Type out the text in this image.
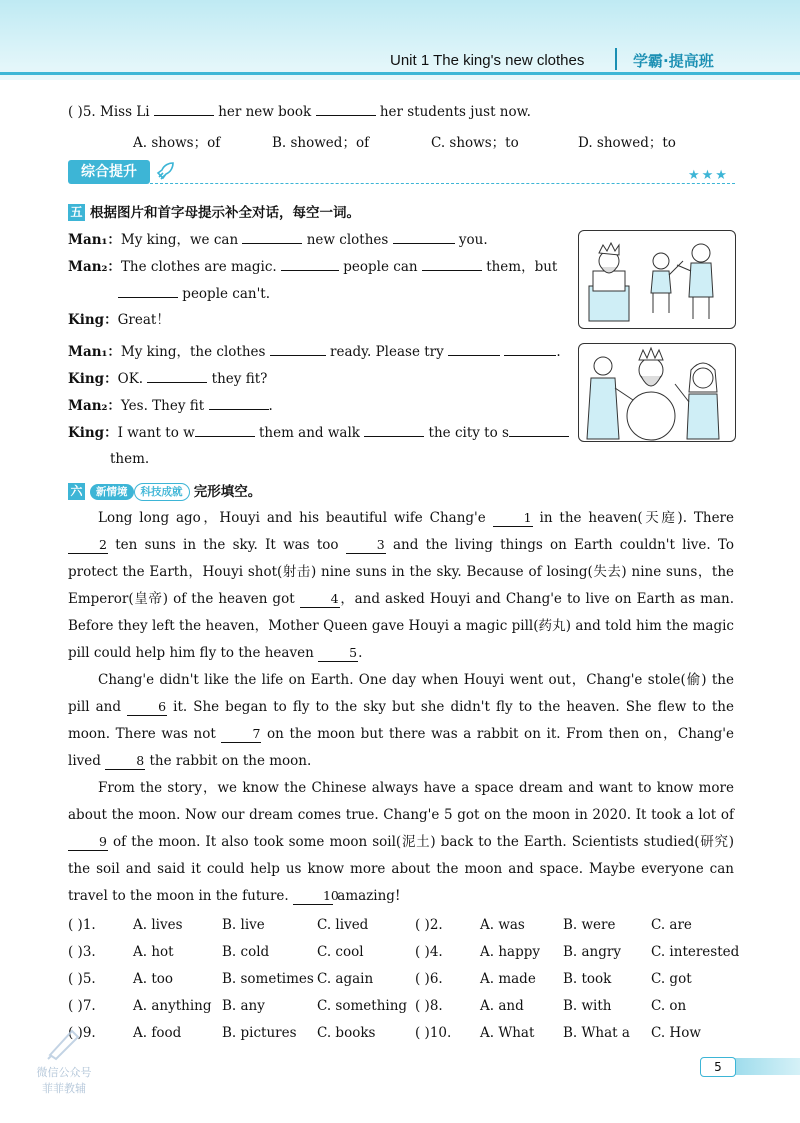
Unit 1 The king's new clothes	学霸·提高班
( )5. Miss Li	her new book	her students just now.
A. shows；of	B. showed；of	C. shows；to	D. showed；to
综合提升	★★★
五 根据图片和首字母提示补全对话，每空一词。
Man₁：My king，we can	new clothes	you.
Man₂：The clothes are magic.	people can	them，but
people can't.
King：Great！
Man₁：My king，the clothes	ready. Please try	.
King：OK.	they fit?
Man₂：Yes. They fit	.
King：I want to w	them and walk	the city to s
them.
六 新情境 科技成就 完形填空。
Long long ago，Houyi and his beautiful wife Chang'e	1 in the heaven(天庭). There 2 ten suns in the sky. It was too	3 and the living things on Earth couldn't live. To protect the Earth，Houyi shot(射击) nine suns in the sky. Because of losing(失去) nine suns，the Emperor(皇帝) of the heaven got	4，and asked Houyi and Chang'e to live on Earth as man. Before they left the heaven，Mother Queen gave Houyi a magic pill(药丸) and told him the magic pill could help him fly to the heaven	5.
Chang'e didn't like the life on Earth. One day when Houyi went out，Chang'e stole(偷) the pill and	6 it. She began to fly to the sky but she didn't fly to the heaven. She flew to the moon. There was not	7 on the moon but there was a rabbit on it. From then on，Chang'e lived	8 the rabbit on the moon.
From the story，we know the Chinese always have a space dream and want to know more about the moon. Now our dream comes true. Chang'e 5 got on the moon in 2020. It took a lot of 9 of the moon. It also took some moon soil(泥土) back to the Earth. Scientists studied(研究) the soil and said it could help us know more about the moon and space. Maybe everyone can travel to the moon in the future.	10 amazing!
( )1.	A. lives	B. live	C. lived	( )2.	A. was	B. were	C. are
( )3.	A. hot	B. cold	C. cool	( )4.	A. happy B. angry C. interested
( )5.	A. too	B. sometimes C. again	( )6.	A. made B. took	C. got
( )7.	A. anything B. any	C. something ( )8.	A. and	B. with	C. on
( )9.	A. food	B. pictures C. books	( )10. A. What B. What a C. How
微信公众号
菲菲教辅
5
